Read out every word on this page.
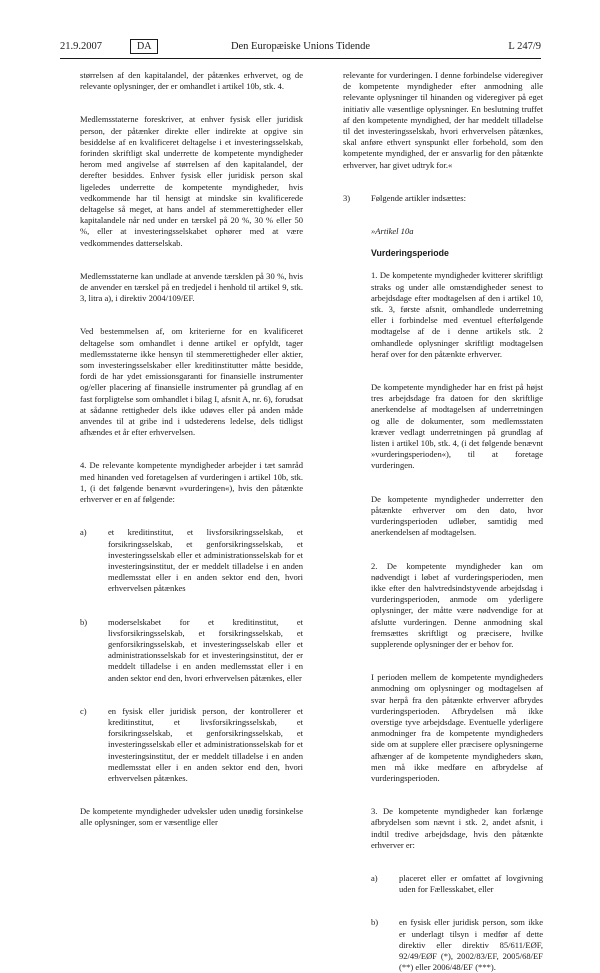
21.9.2007	DA	Den Europæiske Unions Tidende	L 247/9

størrelsen af den kapitalandel, der påtænkes erhvervet, og de relevante oplysninger, der er omhandlet i artikel 10b, stk. 4.

Medlemsstaterne foreskriver, at enhver fysisk eller juridisk person, der påtænker direkte eller indirekte at opgive sin besiddelse af en kvalificeret deltagelse i et investeringsselskab, forinden skriftligt skal underrette de kompetente myndigheder herom med angivelse af størrelsen af den kapitalandel, der derefter besiddes. Enhver fysisk eller juridisk person skal ligeledes underrette de kompetente myndigheder, hvis vedkommende har til hensigt at mindske sin kvalificerede deltagelse så meget, at hans andel af stemmerettigheder eller kapitalandele når ned under en tærskel på 20 %, 30 % eller 50 %, eller at investeringsselskabet ophører med at være vedkommendes datterselskab.

Medlemsstaterne kan undlade at anvende tærsklen på 30 %, hvis de anvender en tærskel på en tredjedel i henhold til artikel 9, stk. 3, litra a), i direktiv 2004/109/EF.

Ved bestemmelsen af, om kriterierne for en kvalificeret deltagelse som omhandlet i denne artikel er opfyldt, tager medlemsstaterne ikke hensyn til stemmerettigheder eller aktier, som investeringsselskaber eller kreditinstitutter måtte besidde, fordi de har ydet emissionsgaranti for finansielle instrumenter og/eller placering af finansielle instrumenter på grundlag af en fast forpligtelse som omhandlet i bilag I, afsnit A, nr. 6), forudsat at sådanne rettigheder dels ikke udøves eller på anden måde anvendes til at gribe ind i udstederens ledelse, dels tidligst afhændes et år efter erhvervelsen.

4. De relevante kompetente myndigheder arbejder i tæt samråd med hinanden ved foretagelsen af vurderingen i artikel 10b, stk. 1, (i det følgende benævnt »vurderingen«), hvis den påtænkte erhverver er en af følgende:

a) et kreditinstitut, et livsforsikringsselskab, et forsikringsselskab, et genforsikringsselskab, et investeringsselskab eller et administrationsselskab for et investeringsinstitut, der er meddelt tilladelse i en anden medlemsstat eller i en anden sektor end den, hvori erhvervelsen påtænkes

b) moderselskabet for et kreditinstitut, et livsforsikringsselskab, et forsikringsselskab, et genforsikringsselskab, et investeringsselskab eller et administrationsselskab for et investeringsinstitut, der er meddelt tilladelse i en anden medlemsstat eller i en anden sektor end den, hvori erhvervelsen påtænkes, eller

c) en fysisk eller juridisk person, der kontrollerer et kreditinstitut, et livsforsikringsselskab, et forsikringsselskab, et genforsikringsselskab, et investeringsselskab eller et administrationsselskab for et investeringsinstitut, der er meddelt tilladelse i en anden medlemsstat eller i en anden sektor end den, hvori erhvervelsen påtænkes.

De kompetente myndigheder udveksler uden unødig forsinkelse alle oplysninger, som er væsentlige eller

relevante for vurderingen. I denne forbindelse videregiver de kompetente myndigheder efter anmodning alle relevante oplysninger til hinanden og videregiver på eget initiativ alle væsentlige oplysninger. En beslutning truffet af den kompetente myndighed, der har meddelt tilladelse til det investeringsselskab, hvori erhvervelsen påtænkes, skal anføre ethvert synspunkt eller forbehold, som den kompetente myndighed, der er ansvarlig for den påtænkte erhverver, har givet udtryk for.«

3) Følgende artikler indsættes:

»Artikel 10a

Vurderingsperiode

1. De kompetente myndigheder kvitterer skriftligt straks og under alle omstændigheder senest to arbejdsdage efter modtagelsen af den i artikel 10, stk. 3, første afsnit, omhandlede underretning eller i forbindelse med eventuel efterfølgende modtagelse af de i denne artikels stk. 2 omhandlede oplysninger skriftligt modtagelsen heraf over for den påtænkte erhverver.

De kompetente myndigheder har en frist på højst tres arbejdsdage fra datoen for den skriftlige anerkendelse af modtagelsen af underretningen og alle de dokumenter, som medlemsstaten kræver vedlagt underretningen på grundlag af listen i artikel 10b, stk. 4, (i det følgende benævnt »vurderingsperioden«), til at foretage vurderingen.

De kompetente myndigheder underretter den påtænkte erhverver om den dato, hvor vurderingsperioden udløber, samtidig med anerkendelsen af modtagelsen.

2. De kompetente myndigheder kan om nødvendigt i løbet af vurderingsperioden, men ikke efter den halvtredsindstyvende arbejdsdag i vurderingsperioden, anmode om yderligere oplysninger, der måtte være nødvendige for at afslutte vurderingen. Denne anmodning skal fremsættes skriftligt og præcisere, hvilke supplerende oplysninger der er behov for.

I perioden mellem de kompetente myndigheders anmodning om oplysninger og modtagelsen af svar herpå fra den påtænkte erhverver afbrydes vurderingsperioden. Afbrydelsen må ikke overstige tyve arbejdsdage. Eventuelle yderligere anmodninger fra de kompetente myndigheders side om at supplere eller præcisere oplysningerne afhænger af de kompetente myndigheders skøn, men må ikke medføre en afbrydelse af vurderingsperioden.

3. De kompetente myndigheder kan forlænge afbrydelsen som nævnt i stk. 2, andet afsnit, i indtil tredive arbejdsdage, hvis den påtænkte erhverver er:

a) placeret eller er omfattet af lovgivning uden for Fællesskabet, eller

b) en fysisk eller juridisk person, som ikke er underlagt tilsyn i medfør af dette direktiv eller direktiv 85/611/EØF, 92/49/EØF (*), 2002/83/EF, 2005/68/EF (**) eller 2006/48/EF (***).
